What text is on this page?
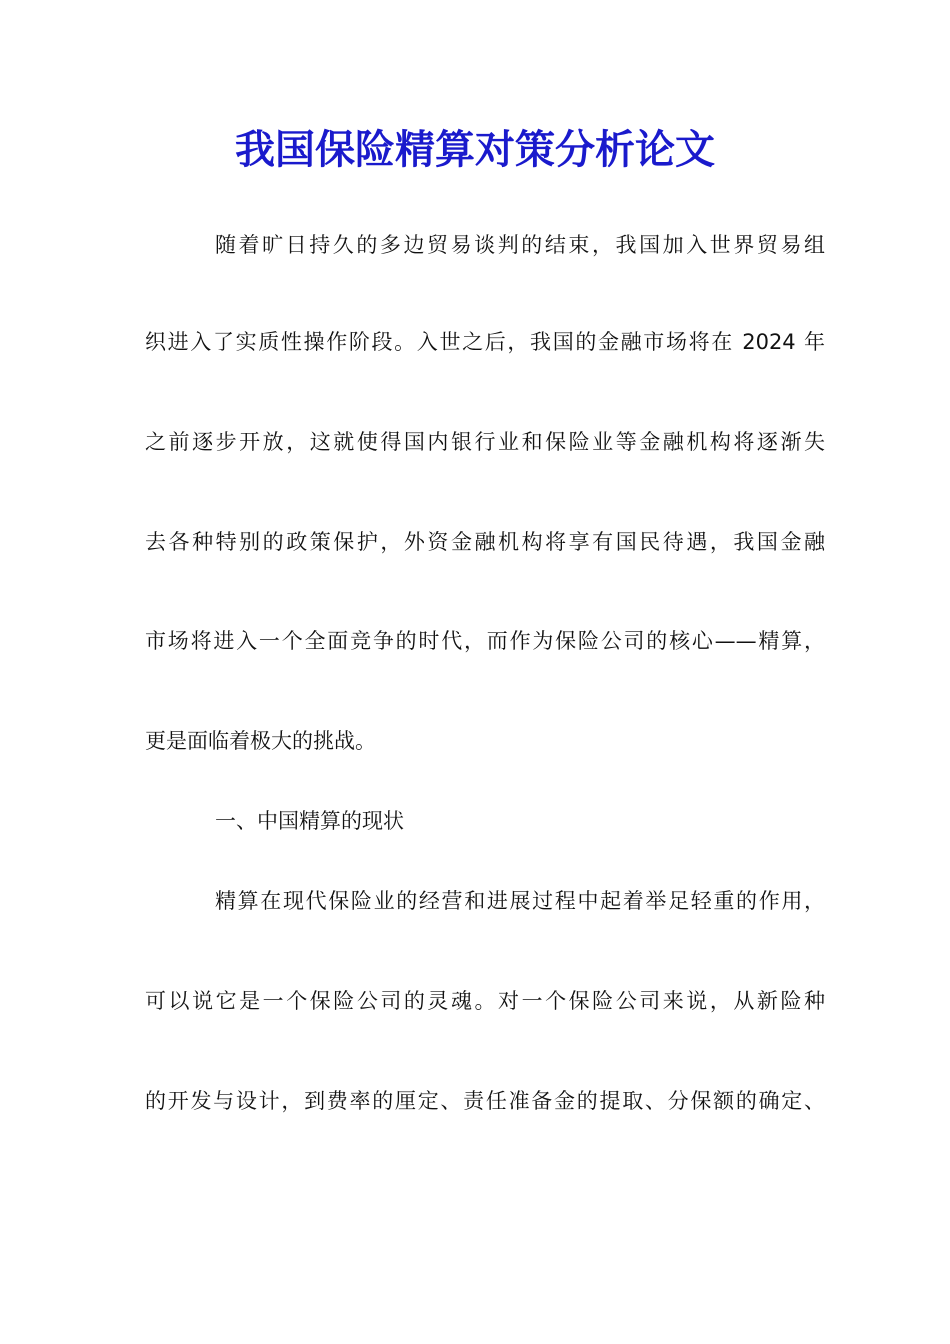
我国保险精算对策分析论文

随着旷日持久的多边贸易谈判的结束，我国加入世界贸易组

织进入了实质性操作阶段。入世之后，我国的金融市场将在 2024 年

之前逐步开放，这就使得国内银行业和保险业等金融机构将逐渐失

去各种特别的政策保护，外资金融机构将享有国民待遇，我国金融

市场将进入一个全面竞争的时代，而作为保险公司的核心——精算，

更是面临着极大的挑战。

一、中国精算的现状

精算在现代保险业的经营和进展过程中起着举足轻重的作用，

可以说它是一个保险公司的灵魂。对一个保险公司来说，从新险种

的开发与设计，到费率的厘定、责任准备金的提取、分保额的确定、
